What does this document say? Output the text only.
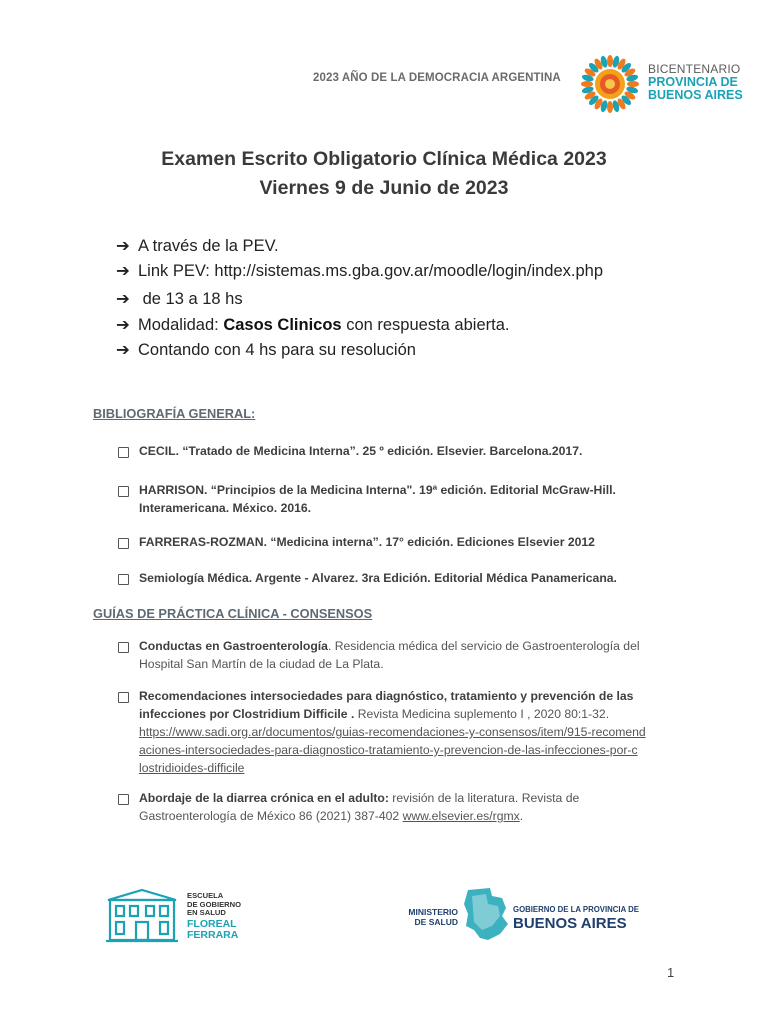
2023 AÑO DE LA DEMOCRACIA ARGENTINA
BICENTENARIO
PROVINCIA DE
BUENOS AIRES
Examen Escrito Obligatorio Clínica Médica 2023
Viernes 9 de Junio de 2023
➔ A través de la PEV.
➔ Link PEV: http://sistemas.ms.gba.gov.ar/moodle/login/index.php
➔ de 13 a 18 hs
➔ Modalidad: Casos Clinicos con respuesta abierta.
➔ Contando con 4 hs para su resolución
BIBLIOGRAFÍA GENERAL:
CECIL. “Tratado de Medicina Interna”. 25 º edición. Elsevier. Barcelona.2017.
HARRISON. “Principios de la Medicina Interna". 19ª edición. Editorial McGraw-Hill.
Interamericana. México. 2016.
FARRERAS-ROZMAN. “Medicina interna”. 17° edición. Ediciones Elsevier 2012
Semiología Médica. Argente - Alvarez. 3ra Edición. Editorial Médica Panamericana.
GUÍAS DE PRÁCTICA CLÍNICA - CONSENSOS
Conductas en Gastroenterología. Residencia médica del servicio de Gastroenterología del
Hospital San Martín de la ciudad de La Plata.
Recomendaciones intersociedades para diagnóstico, tratamiento y prevención de las
infecciones por Clostridium Difficile . Revista Medicina suplemento I , 2020 80:1-32.
https://www.sadi.org.ar/documentos/guias-recomendaciones-y-consensos/item/915-recomend
aciones-intersociedades-para-diagnostico-tratamiento-y-prevencion-de-las-infecciones-por-c
lostridioides-difficile
Abordaje de la diarrea crónica en el adulto: revisión de la literatura. Revista de
Gastroenterología de México 86 (2021) 387-402 www.elsevier.es/rgmx.
ESCUELA
DE GOBIERNO
EN SALUD
FLOREAL
FERRARA
MINISTERIO
DE SALUD
GOBIERNO DE LA PROVINCIA DE
BUENOS AIRES
1
